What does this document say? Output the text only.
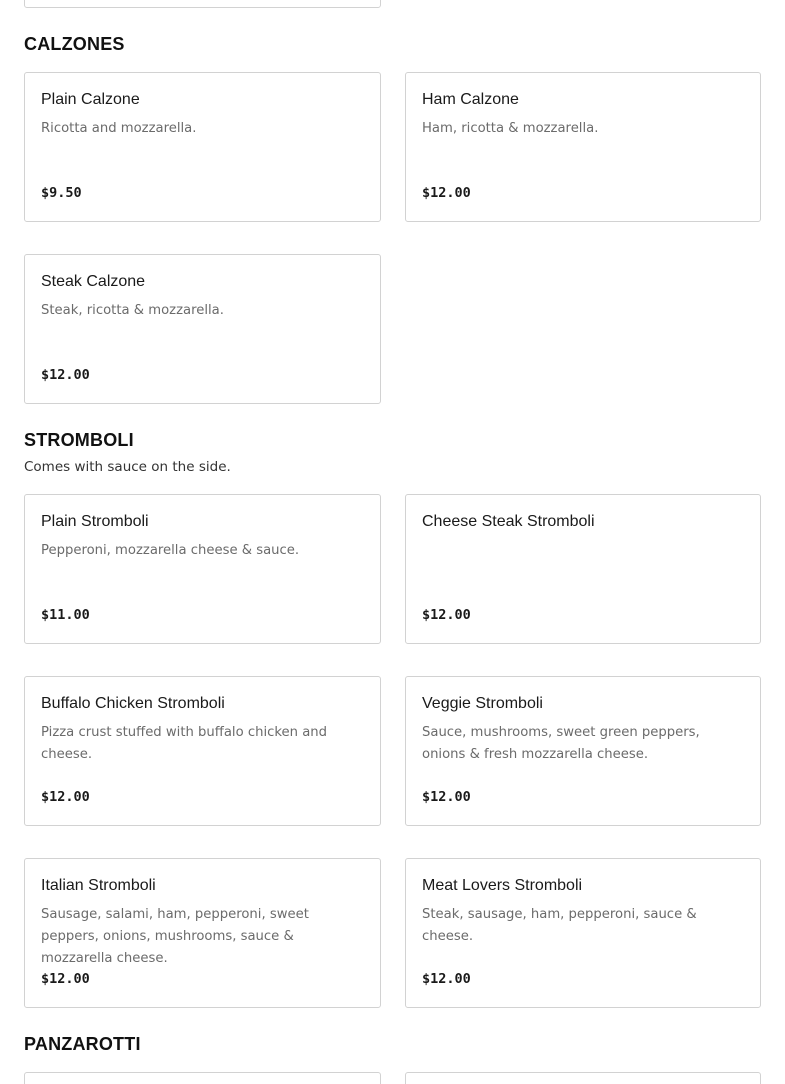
CALZONES
Plain Calzone
Ricotta and mozzarella.
$9.50
Ham Calzone
Ham, ricotta & mozzarella.
$12.00
Steak Calzone
Steak, ricotta & mozzarella.
$12.00
STROMBOLI
Comes with sauce on the side.
Plain Stromboli
Pepperoni, mozzarella cheese & sauce.
$11.00
Cheese Steak Stromboli
$12.00
Buffalo Chicken Stromboli
Pizza crust stuffed with buffalo chicken and cheese.
$12.00
Veggie Stromboli
Sauce, mushrooms, sweet green peppers, onions & fresh mozzarella cheese.
$12.00
Italian Stromboli
Sausage, salami, ham, pepperoni, sweet peppers, onions, mushrooms, sauce & mozzarella cheese.
$12.00
Meat Lovers Stromboli
Steak, sausage, ham, pepperoni, sauce & cheese.
$12.00
PANZAROTTI
